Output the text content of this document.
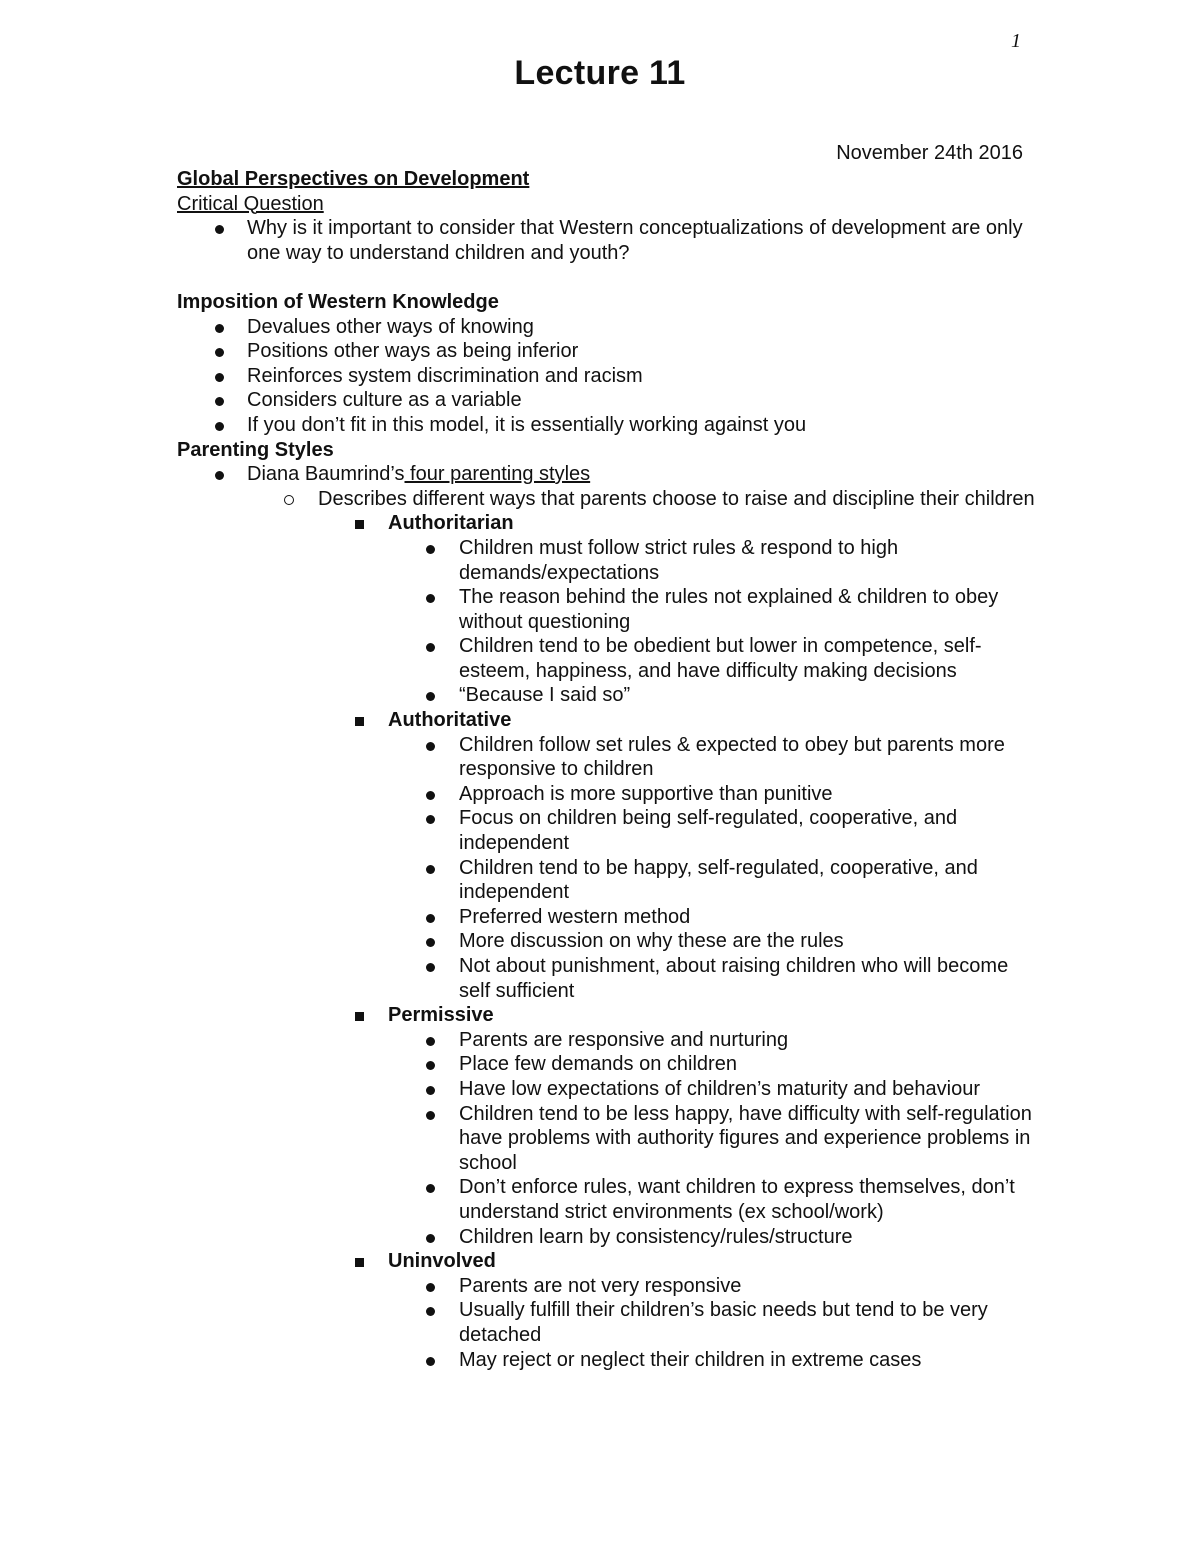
1
Lecture 11
November 24th 2016
Global Perspectives on Development
Critical Question
Why is it important to consider that Western conceptualizations of development are only one way to understand children and youth?
Imposition of Western Knowledge
Devalues other ways of knowing
Positions other ways as being inferior
Reinforces system discrimination and racism
Considers culture as a variable
If you don’t fit in this model, it is essentially working against you
Parenting Styles
Diana Baumrind’s four parenting styles
Describes different ways that parents choose to raise and discipline their children
Authoritarian
Children must follow strict rules & respond to high demands/expectations
The reason behind the rules not explained & children to obey without questioning
Children tend to be obedient but lower in competence, self-esteem, happiness, and have difficulty making decisions
“Because I said so”
Authoritative
Children follow set rules & expected to obey but parents more responsive to children
Approach is more supportive than punitive
Focus on children being self-regulated, cooperative, and independent
Children tend to be happy, self-regulated, cooperative, and independent
Preferred western method
More discussion on why these are the rules
Not about punishment, about raising children who will become self sufficient
Permissive
Parents are responsive and nurturing
Place few demands on children
Have low expectations of children’s maturity and behaviour
Children tend to be less happy, have difficulty with self-regulation have problems with authority figures and experience problems in school
Don’t enforce rules, want children to express themselves, don’t understand strict environments (ex school/work)
Children learn by consistency/rules/structure
Uninvolved
Parents are not very responsive
Usually fulfill their children’s basic needs but tend to be very detached
May reject or neglect their children in extreme cases
